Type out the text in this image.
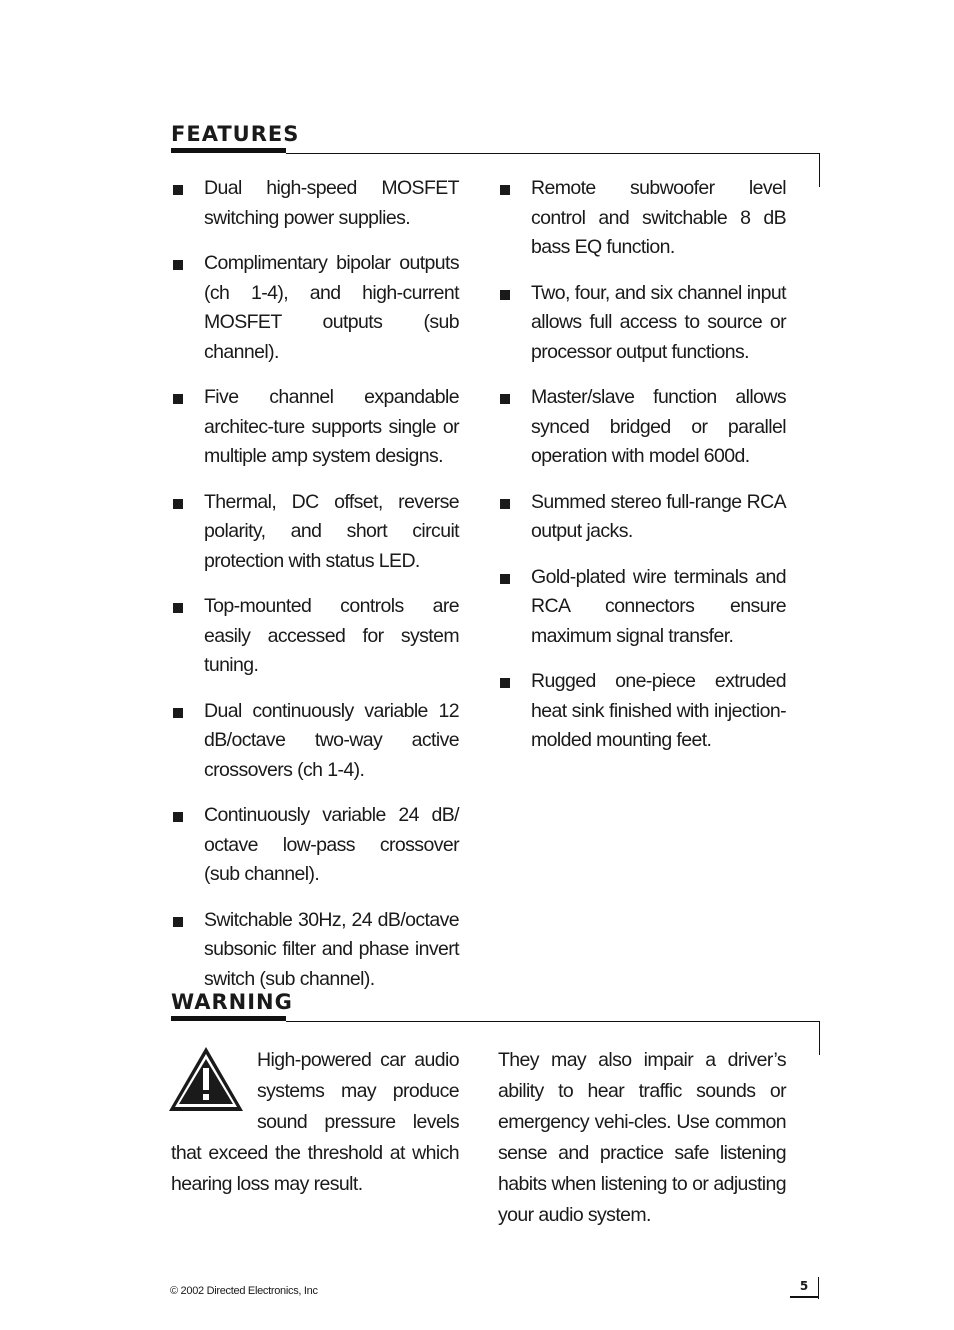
FEATURES
Dual high-speed MOSFET switching power supplies.
Complimentary bipolar outputs (ch 1-4), and high-current MOSFET outputs (sub channel).
Five channel expandable architec-ture supports single or multiple amp system designs.
Thermal, DC offset, reverse polarity, and short circuit protection with status LED.
Top-mounted controls are easily accessed for system tuning.
Dual continuously variable 12 dB/octave two-way active crossovers (ch 1-4).
Continuously variable 24 dB/ octave low-pass crossover (sub channel).
Switchable 30Hz, 24 dB/octave subsonic filter and phase invert switch (sub channel).
Remote subwoofer level control and switchable 8 dB bass EQ function.
Two, four, and six channel input allows full access to source or processor output functions.
Master/slave function allows synced bridged or parallel operation with model 600d.
Summed stereo full-range RCA output jacks.
Gold-plated wire terminals and RCA connectors ensure maximum signal transfer.
Rugged one-piece extruded heat sink finished with injection-molded mounting feet.
WARNING
High-powered car audio systems may produce sound pressure levels that exceed the threshold at which hearing loss may result.
They may also impair a driver’s ability to hear traffic sounds or emergency vehi-cles. Use common sense and practice safe listening habits when listening to or adjusting your audio system.
© 2002 Directed Electronics, Inc	5
